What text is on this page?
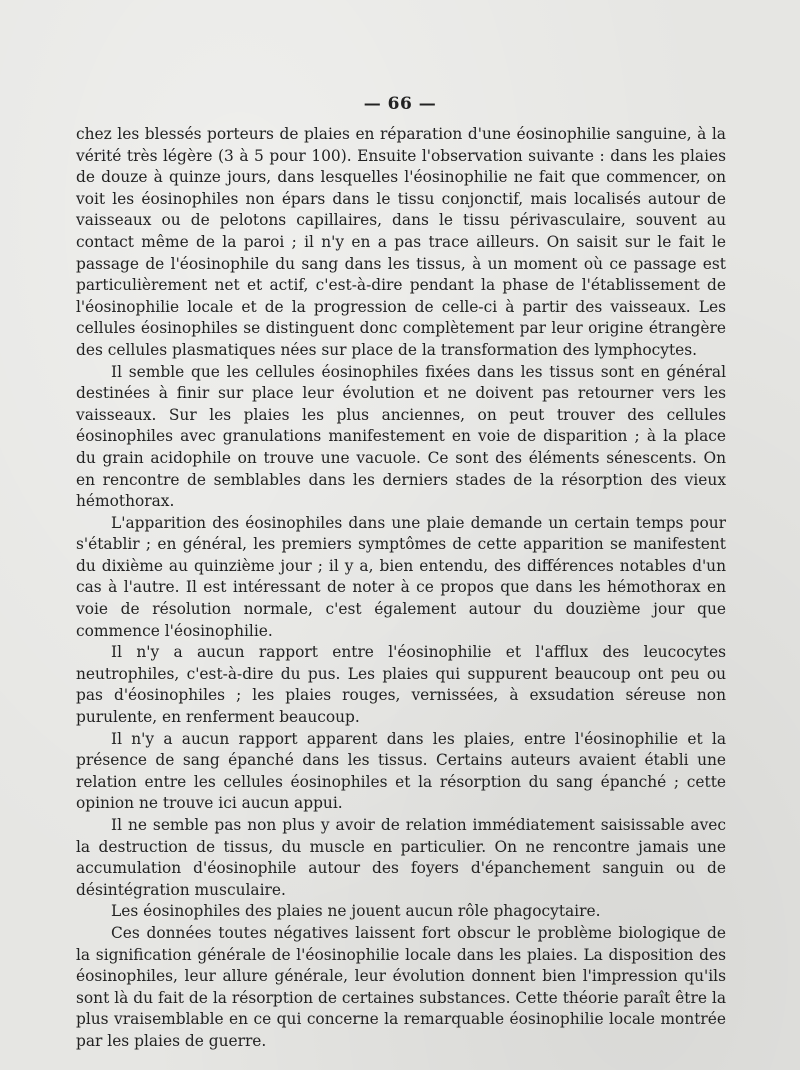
— 66 —

chez les blessés porteurs de plaies en réparation d'une éosinophilie sanguine, à la vérité très légère (3 à 5 pour 100). Ensuite l'observation suivante : dans les plaies de douze à quinze jours, dans lesquelles l'éosinophilie ne fait que commencer, on voit les éosinophiles non épars dans le tissu conjonctif, mais localisés autour de vaisseaux ou de pelotons capillaires, dans le tissu périvasculaire, souvent au contact même de la paroi ; il n'y en a pas trace ailleurs. On saisit sur le fait le passage de l'éosinophile du sang dans les tissus, à un moment où ce passage est particulièrement net et actif, c'est-à-dire pendant la phase de l'établissement de l'éosinophilie locale et de la progression de celle-ci à partir des vaisseaux. Les cellules éosinophiles se distinguent donc complètement par leur origine étrangère des cellules plasmatiques nées sur place de la transformation des lymphocytes.

Il semble que les cellules éosinophiles fixées dans les tissus sont en général destinées à finir sur place leur évolution et ne doivent pas retourner vers les vaisseaux. Sur les plaies les plus anciennes, on peut trouver des cellules éosinophiles avec granulations manifestement en voie de disparition ; à la place du grain acidophile on trouve une vacuole. Ce sont des éléments sénescents. On en rencontre de semblables dans les derniers stades de la résorption des vieux hémothorax.

L'apparition des éosinophiles dans une plaie demande un certain temps pour s'établir ; en général, les premiers symptômes de cette apparition se manifestent du dixième au quinzième jour ; il y a, bien entendu, des différences notables d'un cas à l'autre. Il est intéressant de noter à ce propos que dans les hémothorax en voie de résolution normale, c'est également autour du douzième jour que commence l'éosinophilie.

Il n'y a aucun rapport entre l'éosinophilie et l'afflux des leucocytes neutrophiles, c'est-à-dire du pus. Les plaies qui suppurent beaucoup ont peu ou pas d'éosinophiles ; les plaies rouges, vernissées, à exsudation séreuse non purulente, en renferment beaucoup.

Il n'y a aucun rapport apparent dans les plaies, entre l'éosinophilie et la présence de sang épanché dans les tissus. Certains auteurs avaient établi une relation entre les cellules éosinophiles et la résorption du sang épanché ; cette opinion ne trouve ici aucun appui.

Il ne semble pas non plus y avoir de relation immédiatement saisissable avec la destruction de tissus, du muscle en particulier. On ne rencontre jamais une accumulation d'éosinophile autour des foyers d'épanchement sanguin ou de désintégration musculaire.

Les éosinophiles des plaies ne jouent aucun rôle phagocytaire.

Ces données toutes négatives laissent fort obscur le problème biologique de la signification générale de l'éosinophilie locale dans les plaies. La disposition des éosinophiles, leur allure générale, leur évolution donnent bien l'impression qu'ils sont là du fait de la résorption de certaines substances. Cette théorie paraît être la plus vraisemblable en ce qui concerne la remarquable éosinophilie locale montrée par les plaies de guerre.
